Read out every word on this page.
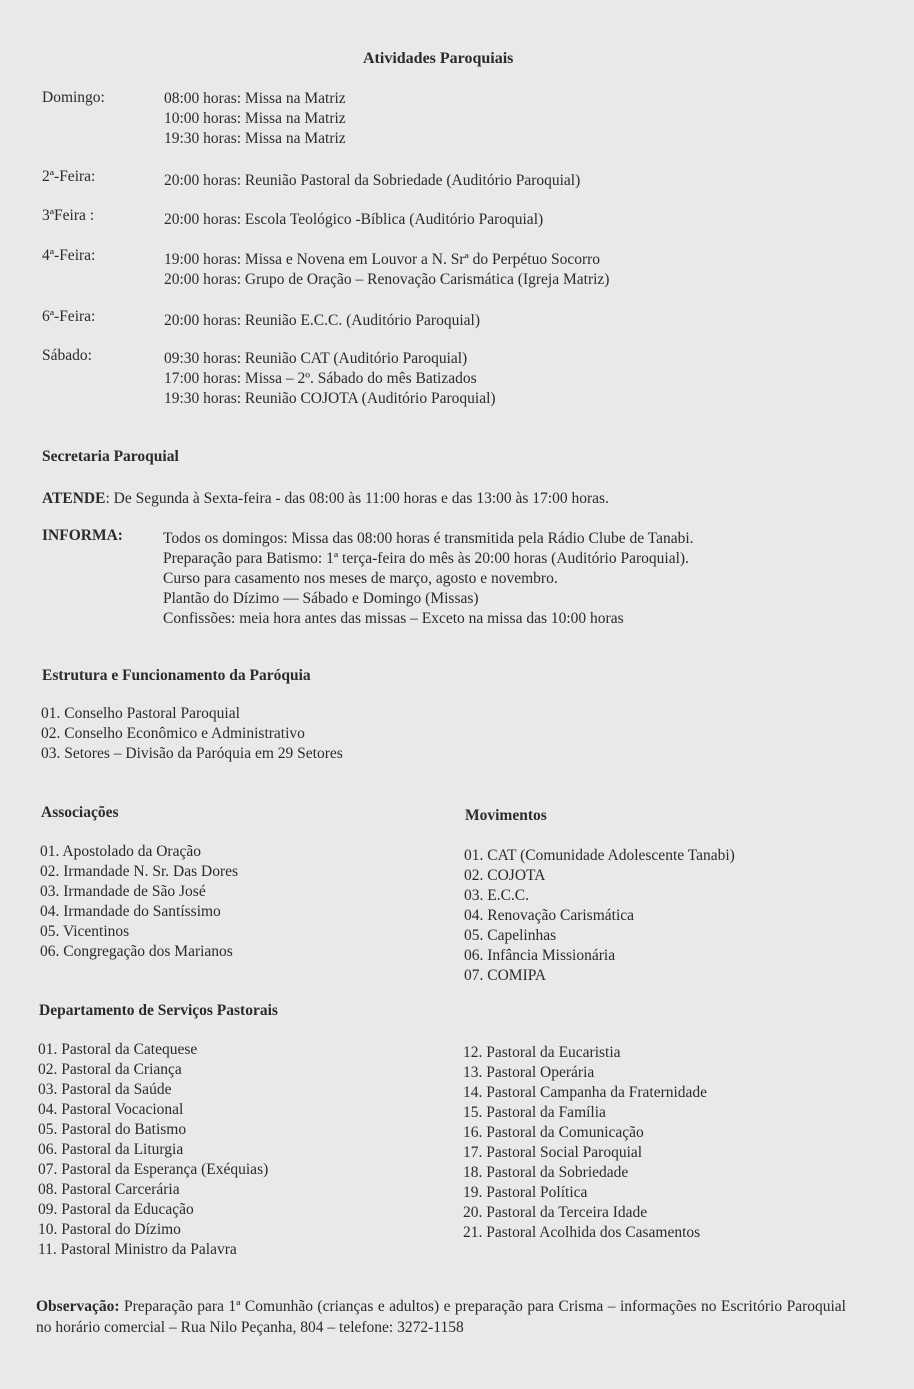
Atividades Paroquiais
Domingo:	08:00 horas: Missa na Matriz
10:00 horas: Missa na Matriz
19:30 horas: Missa na Matriz
2ª-Feira:	20:00 horas: Reunião Pastoral da Sobriedade (Auditório Paroquial)
3ªFeira :	20:00 horas: Escola Teológico -Bíblica (Auditório Paroquial)
4ª-Feira:	19:00 horas: Missa e Novena em Louvor a N. Srª do Perpétuo Socorro
20:00 horas: Grupo de Oração – Renovação Carismática (Igreja Matriz)
6ª-Feira:	20:00 horas: Reunião E.C.C. (Auditório Paroquial)
Sábado:	09:30 horas: Reunião CAT (Auditório Paroquial)
17:00 horas: Missa – 2º. Sábado do mês Batizados
19:30 horas: Reunião COJOTA (Auditório Paroquial)
Secretaria Paroquial
ATENDE: De Segunda à Sexta-feira - das 08:00 às 11:00 horas e das 13:00 às 17:00 horas.
INFORMA:	Todos os domingos: Missa das 08:00 horas é transmitida pela Rádio Clube de Tanabi.
Preparação para Batismo: 1ª terça-feira do mês às 20:00 horas (Auditório Paroquial).
Curso para casamento nos meses de março, agosto e novembro.
Plantão do Dízimo — Sábado e Domingo (Missas)
Confissões: meia hora antes das missas – Exceto na missa das 10:00 horas
Estrutura e Funcionamento da Paróquia
01. Conselho Pastoral Paroquial
02. Conselho Econômico e Administrativo
03. Setores – Divisão da Paróquia em 29 Setores
Associações
01. Apostolado da Oração
02. Irmandade N. Sr. Das Dores
03. Irmandade de São José
04. Irmandade do Santíssimo
05. Vicentinos
06. Congregação dos Marianos
Movimentos
01. CAT (Comunidade Adolescente Tanabi)
02. COJOTA
03. E.C.C.
04. Renovação Carismática
05. Capelinhas
06. Infância Missionária
07. COMIPA
Departamento de Serviços Pastorais
01. Pastoral da Catequese
02. Pastoral da Criança
03. Pastoral da Saúde
04. Pastoral Vocacional
05. Pastoral do Batismo
06. Pastoral da Liturgia
07. Pastoral da Esperança (Exéquias)
08. Pastoral Carcerária
09. Pastoral da Educação
10. Pastoral do Dízimo
11. Pastoral Ministro da Palavra
12. Pastoral da Eucaristia
13. Pastoral Operária
14. Pastoral Campanha da Fraternidade
15. Pastoral da Família
16. Pastoral da Comunicação
17. Pastoral Social Paroquial
18. Pastoral da Sobriedade
19. Pastoral Política
20. Pastoral da Terceira Idade
21. Pastoral Acolhida dos Casamentos
Observação: Preparação para 1ª Comunhão (crianças e adultos) e preparação para Crisma – informações no Escritório Paroquial no horário comercial – Rua Nilo Peçanha, 804 – telefone: 3272-1158
